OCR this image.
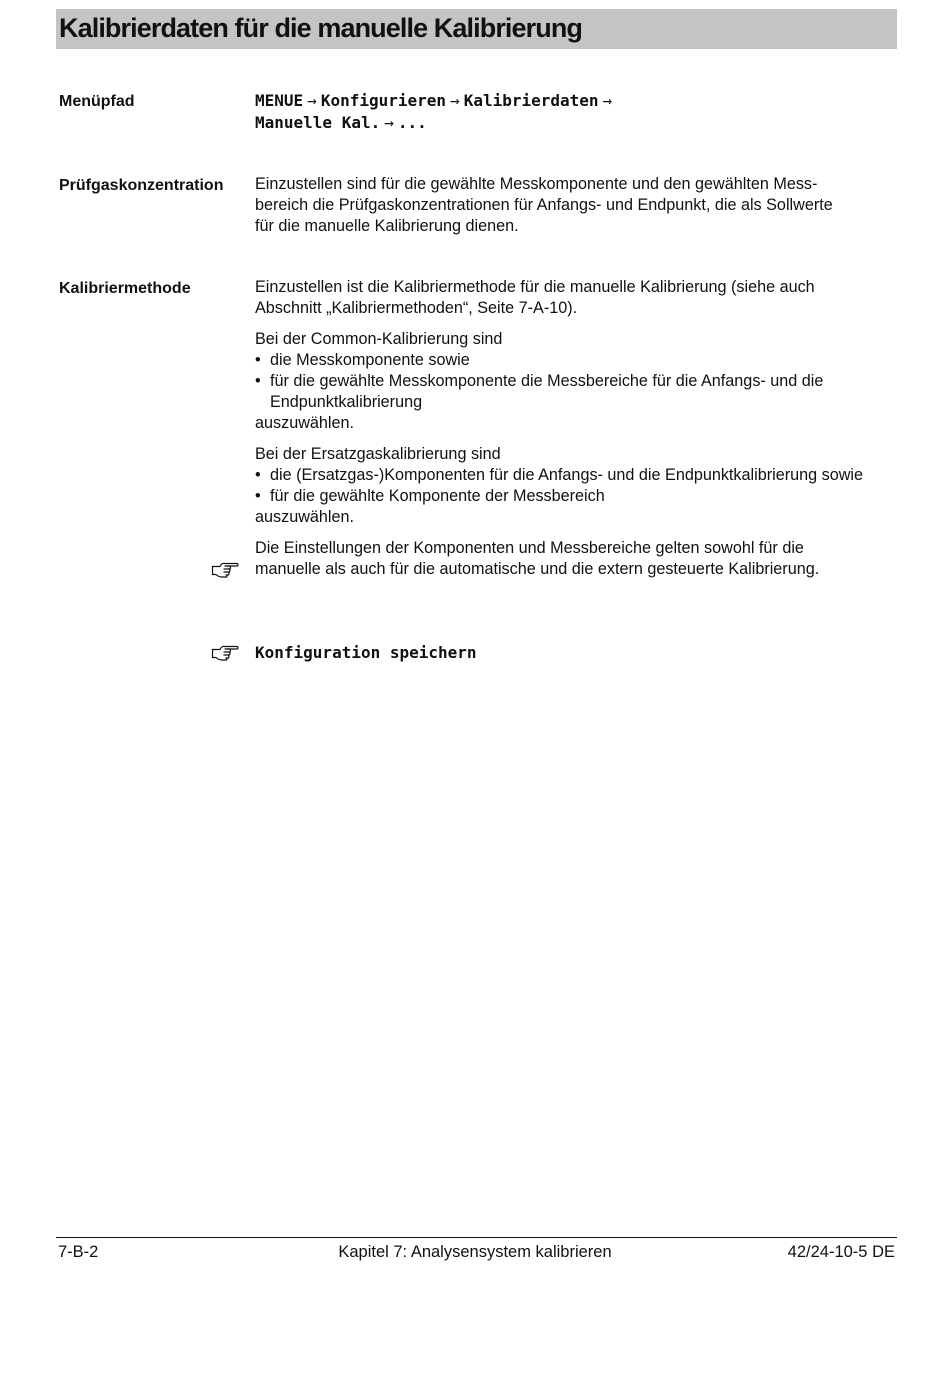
Kalibrierdaten für die manuelle Kalibrierung
Menüpfad	MENUE → Konfigurieren → Kalibrierdaten →
Manuelle Kal. → ...
Prüfgaskonzentration Einzustellen sind für die gewählte Messkomponente und den gewählten Mess-
bereich die Prüfgaskonzentrationen für Anfangs- und Endpunkt, die als Sollwerte
für die manuelle Kalibrierung dienen.
Kalibriermethode	Einzustellen ist die Kalibriermethode für die manuelle Kalibrierung (siehe auch
Abschnitt „Kalibriermethoden“, Seite 7-A-10).

Bei der Common-Kalibrierung sind

• die Messkomponente sowie
• für die gewählte Messkomponente die Messbereiche für die Anfangs- und die Endpunktkalibrierung

auszuwählen.

Bei der Ersatzgaskalibrierung sind

• die (Ersatzgas-)Komponenten für die Anfangs- und die Endpunktkalibrierung sowie
• für die gewählte Komponente der Messbereich

auszuwählen.

Die Einstellungen der Komponenten und Messbereiche gelten sowohl für die
manuelle als auch für die automatische und die extern gesteuerte Kalibrierung.

Konfiguration speichern
7-B-2	Kapitel 7: Analysensystem kalibrieren	42/24-10-5 DE
